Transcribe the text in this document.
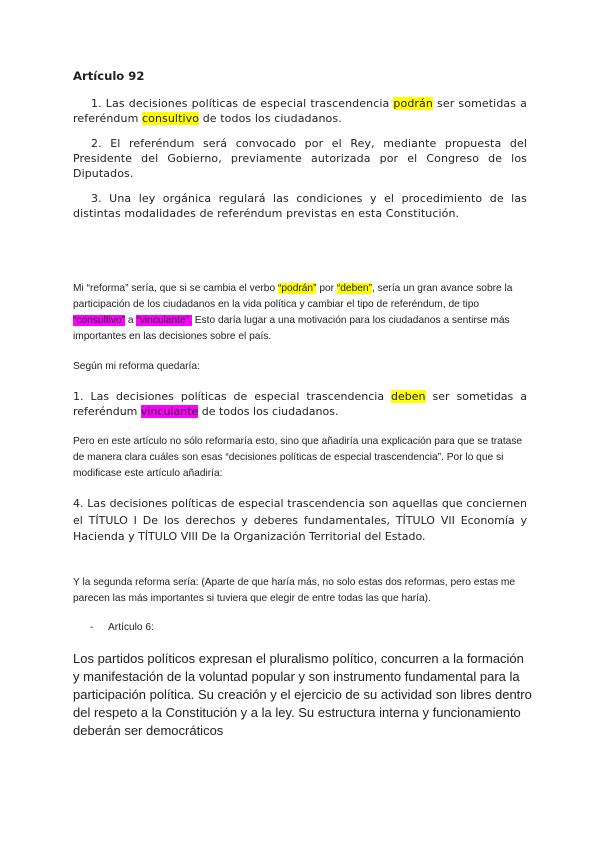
Artículo 92
1. Las decisiones políticas de especial trascendencia podrán ser sometidas a referéndum consultivo de todos los ciudadanos.
2. El referéndum será convocado por el Rey, mediante propuesta del Presidente del Gobierno, previamente autorizada por el Congreso de los Diputados.
3. Una ley orgánica regulará las condiciones y el procedimiento de las distintas modalidades de referéndum previstas en esta Constitución.
Mi “reforma” sería, que si se cambia el verbo “podrán” por “deben”, sería un gran avance sobre la participación de los ciudadanos en la vida política y cambiar el tipo de referéndum, de tipo “consultivo” a “vinculante”. Esto daría lugar a una motivación para los ciudadanos a sentirse más importantes en las decisiones sobre el país.
Según mi reforma quedaría:
1. Las decisiones políticas de especial trascendencia deben ser sometidas a referéndum vinculante de todos los ciudadanos.
Pero en este artículo no sólo reformaría esto, sino que añadiría una explicación para que se tratase de manera clara cuáles son esas “decisiones políticas de especial trascendencia”. Por lo que si modificase este artículo añadiría:
4. Las decisiones políticas de especial trascendencia son aquellas que conciernen el TÍTULO I De los derechos y deberes fundamentales, TÍTULO VII Economía y Hacienda y TÍTULO VIII De la Organización Territorial del Estado.
Y la segunda reforma sería: (Aparte de que haría más, no solo estas dos reformas, pero estas me parecen las más importantes si tuviera que elegir de entre todas las que haría).
- Artículo 6:
Los partidos políticos expresan el pluralismo político, concurren a la formación y manifestación de la voluntad popular y son instrumento fundamental para la participación política. Su creación y el ejercicio de su actividad son libres dentro del respeto a la Constitución y a la ley. Su estructura interna y funcionamiento deberán ser democráticos
